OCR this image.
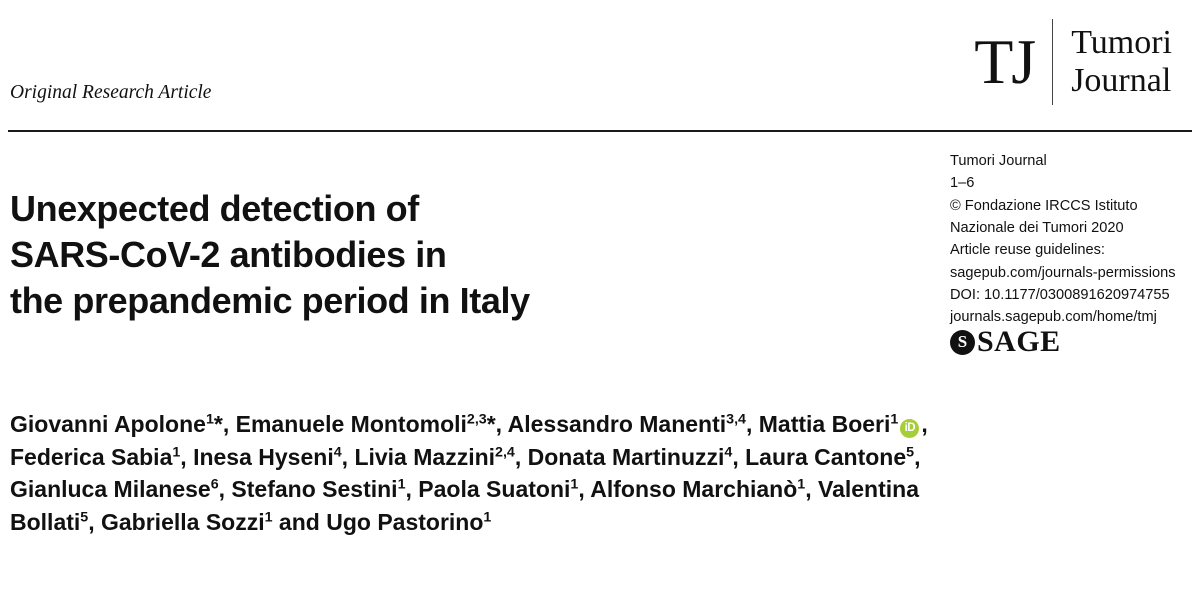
TJ	Tumori
Journal
Original Research Article
Unexpected detection of
SARS-CoV-2 antibodies in
the prepandemic period in Italy
Tumori Journal
1–6
© Fondazione IRCCS Istituto
Nazionale dei Tumori 2020
Article reuse guidelines:
sagepub.com/journals-permissions
DOI: 10.1177/0300891620974755
journals.sagepub.com/home/tmj
S SAGE
Giovanni Apolone$^1$*, Emanuele Montomoli$^{2,3}$*, Alessandro Manenti$^{3,4}$, Mattia Boeri$^1$iD , Federica Sabia$^1$, Inesa Hyseni$^4$, Livia Mazzini$^{2,4}$, Donata Martinuzzi$^4$, Laura Cantone$^5$, Gianluca Milanese$^6$, Stefano Sestini$^1$, Paola Suatoni$^1$, Alfonso Marchianò$^1$, Valentina Bollati$^5$, Gabriella Sozzi$^1$ and Ugo Pastorino$^1$
